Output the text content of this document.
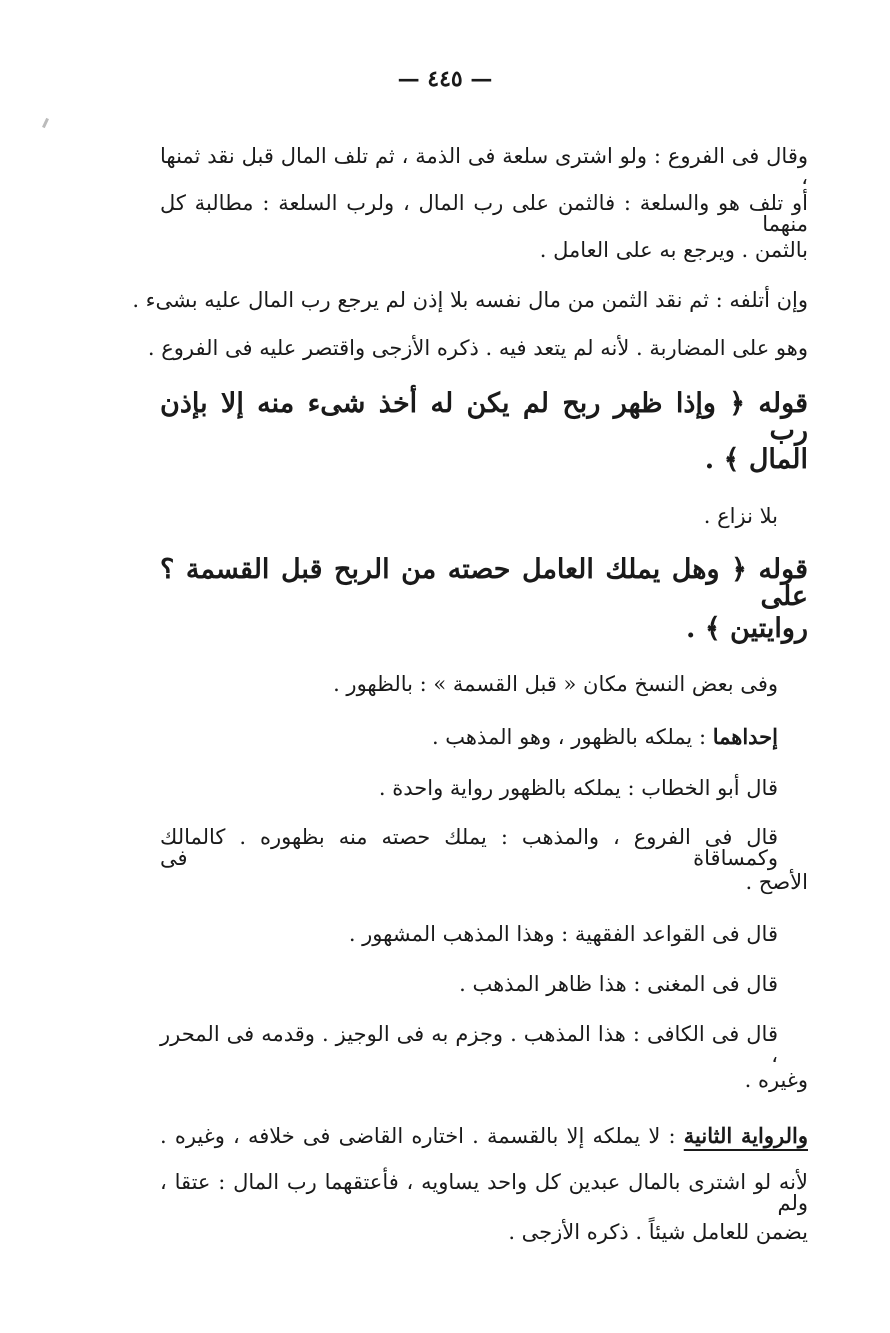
— ٤٤٥ —
وقال فى الفروع : ولو اشترى سلعة فى الذمة ، ثم تلف المال قبل نقد ثمنها ،
أو تلف هو والسلعة : فالثمن على رب المال ، ولرب السلعة : مطالبة كل منهما
بالثمن . ويرجع به على العامل .
وإن أتلفه : ثم نقد الثمن من مال نفسه بلا إذن لم يرجع رب المال عليه بشىء .
وهو على المضاربة . لأنه لم يتعد فيه . ذكره الأزجى واقتصر عليه فى الفروع .
قوله ﴿ وإذا ظهر ربح لم يكن له أخذ شىء منه إلا بإذن رب
المال ﴾ .
بلا نزاع .
قوله ﴿ وهل يملك العامل حصته من الربح قبل القسمة ؟ على
روايتين ﴾ .
وفى بعض النسخ مكان « قبل القسمة » : بالظهور .
إحداهما : يملكه بالظهور ، وهو المذهب .
قال أبو الخطاب : يملكه بالظهور رواية واحدة .
قال فى الفروع ، والمذهب : يملك حصته منه بظهوره . كالمالك وكمساقاة فى
الأصح .
قال فى القواعد الفقهية : وهذا المذهب المشهور .
قال فى المغنى : هذا ظاهر المذهب .
قال فى الكافى : هذا المذهب . وجزم به فى الوجيز . وقدمه فى المحرر ،
وغيره .
والرواية الثانية : لا يملكه إلا بالقسمة . اختاره القاضى فى خلافه ، وغيره .
لأنه لو اشترى بالمال عبدين كل واحد يساويه ، فأعتقهما رب المال : عتقا ، ولم
يضمن للعامل شيئاً . ذكره الأزجى .
